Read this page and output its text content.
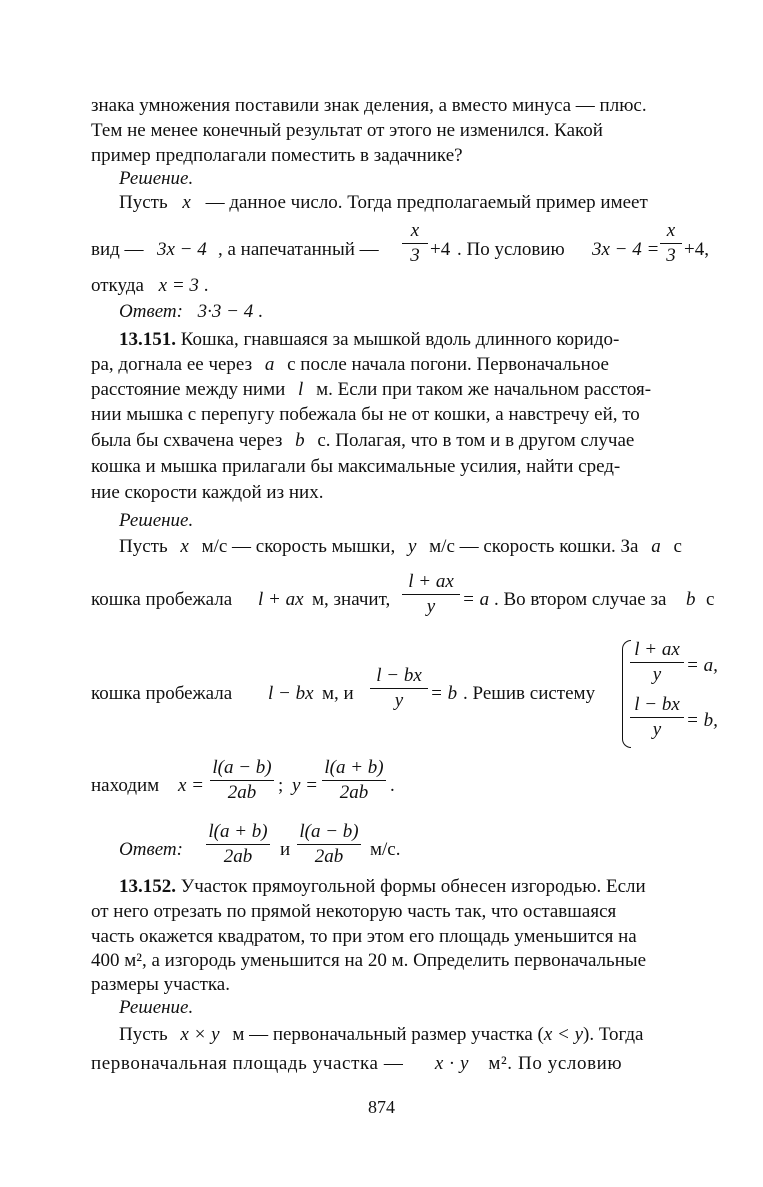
знака умножения поставили знак деления, а вместо минуса — плюс.
Тем не менее конечный результат от этого не изменился. Какой
пример предполагали поместить в задачнике?
Решение.
Пусть x — данное число. Тогда предполагаемый пример имеет
вид — 3x − 4 , а напечатанный —
x
3 +4 . По условию 3x − 4 =
x
3 +4,
откуда x = 3 .
Ответ: 3·3 − 4 .
13.151. Кошка, гнавшаяся за мышкой вдоль длинного коридо-
ра, догнала ее через a с после начала погони. Первоначальное
расстояние между ними l м. Если при таком же начальном расстоя-
нии мышка с перепугу побежала бы не от кошки, а навстречу ей, то
была бы схвачена через b с. Полагая, что в том и в другом случае
кошка и мышка прилагали бы максимальные усилия, найти сред-
ние скорости каждой из них.
Решение.
Пусть x м/с — скорость мышки, y м/с — скорость кошки. За a с
кошка пробежала l + ax м, значит,
l + ax
y	= a . Во втором случае за b с
кошка пробежала l − bx м, и
l − bx
y	= b . Решив систему
l + ax
y	= a,
l − bx
y	= b,
находим x =
l(a − b)
2ab	; y =
l(a + b)
2ab	.
Ответ:
l(a + b)
2ab	и
l(a − b)
2ab	м/с.
13.152. Участок прямоугольной формы обнесен изгородью. Если
от него отрезать по прямой некоторую часть так, что оставшаяся
часть окажется квадратом, то при этом его площадь уменьшится на
400 м², а изгородь уменьшится на 20 м. Определить первоначальные
размеры участка.
Решение.
Пусть x × y м — первоначальный размер участка (x < y). Тогда
первоначальная площадь участка — x · y м². По условию
874
